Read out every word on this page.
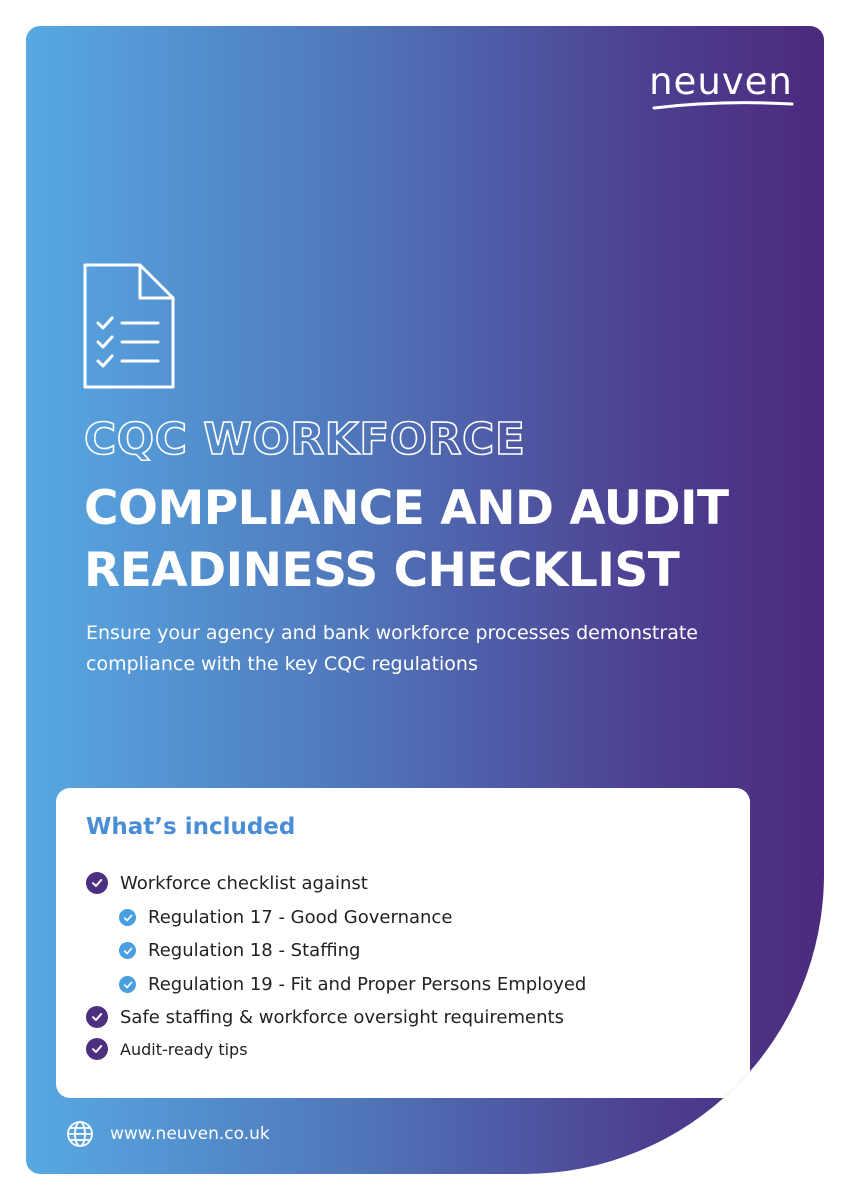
neuven
CQC WORKFORCE
COMPLIANCE AND AUDIT
READINESS CHECKLIST
Ensure your agency and bank workforce processes demonstrate compliance with the key CQC regulations
What’s included
Workforce checklist against
Regulation 17 - Good Governance
Regulation 18 - Staffing
Regulation 19 - Fit and Proper Persons Employed
Safe staffing & workforce oversight requirements
Audit-ready tips
www.neuven.co.uk
